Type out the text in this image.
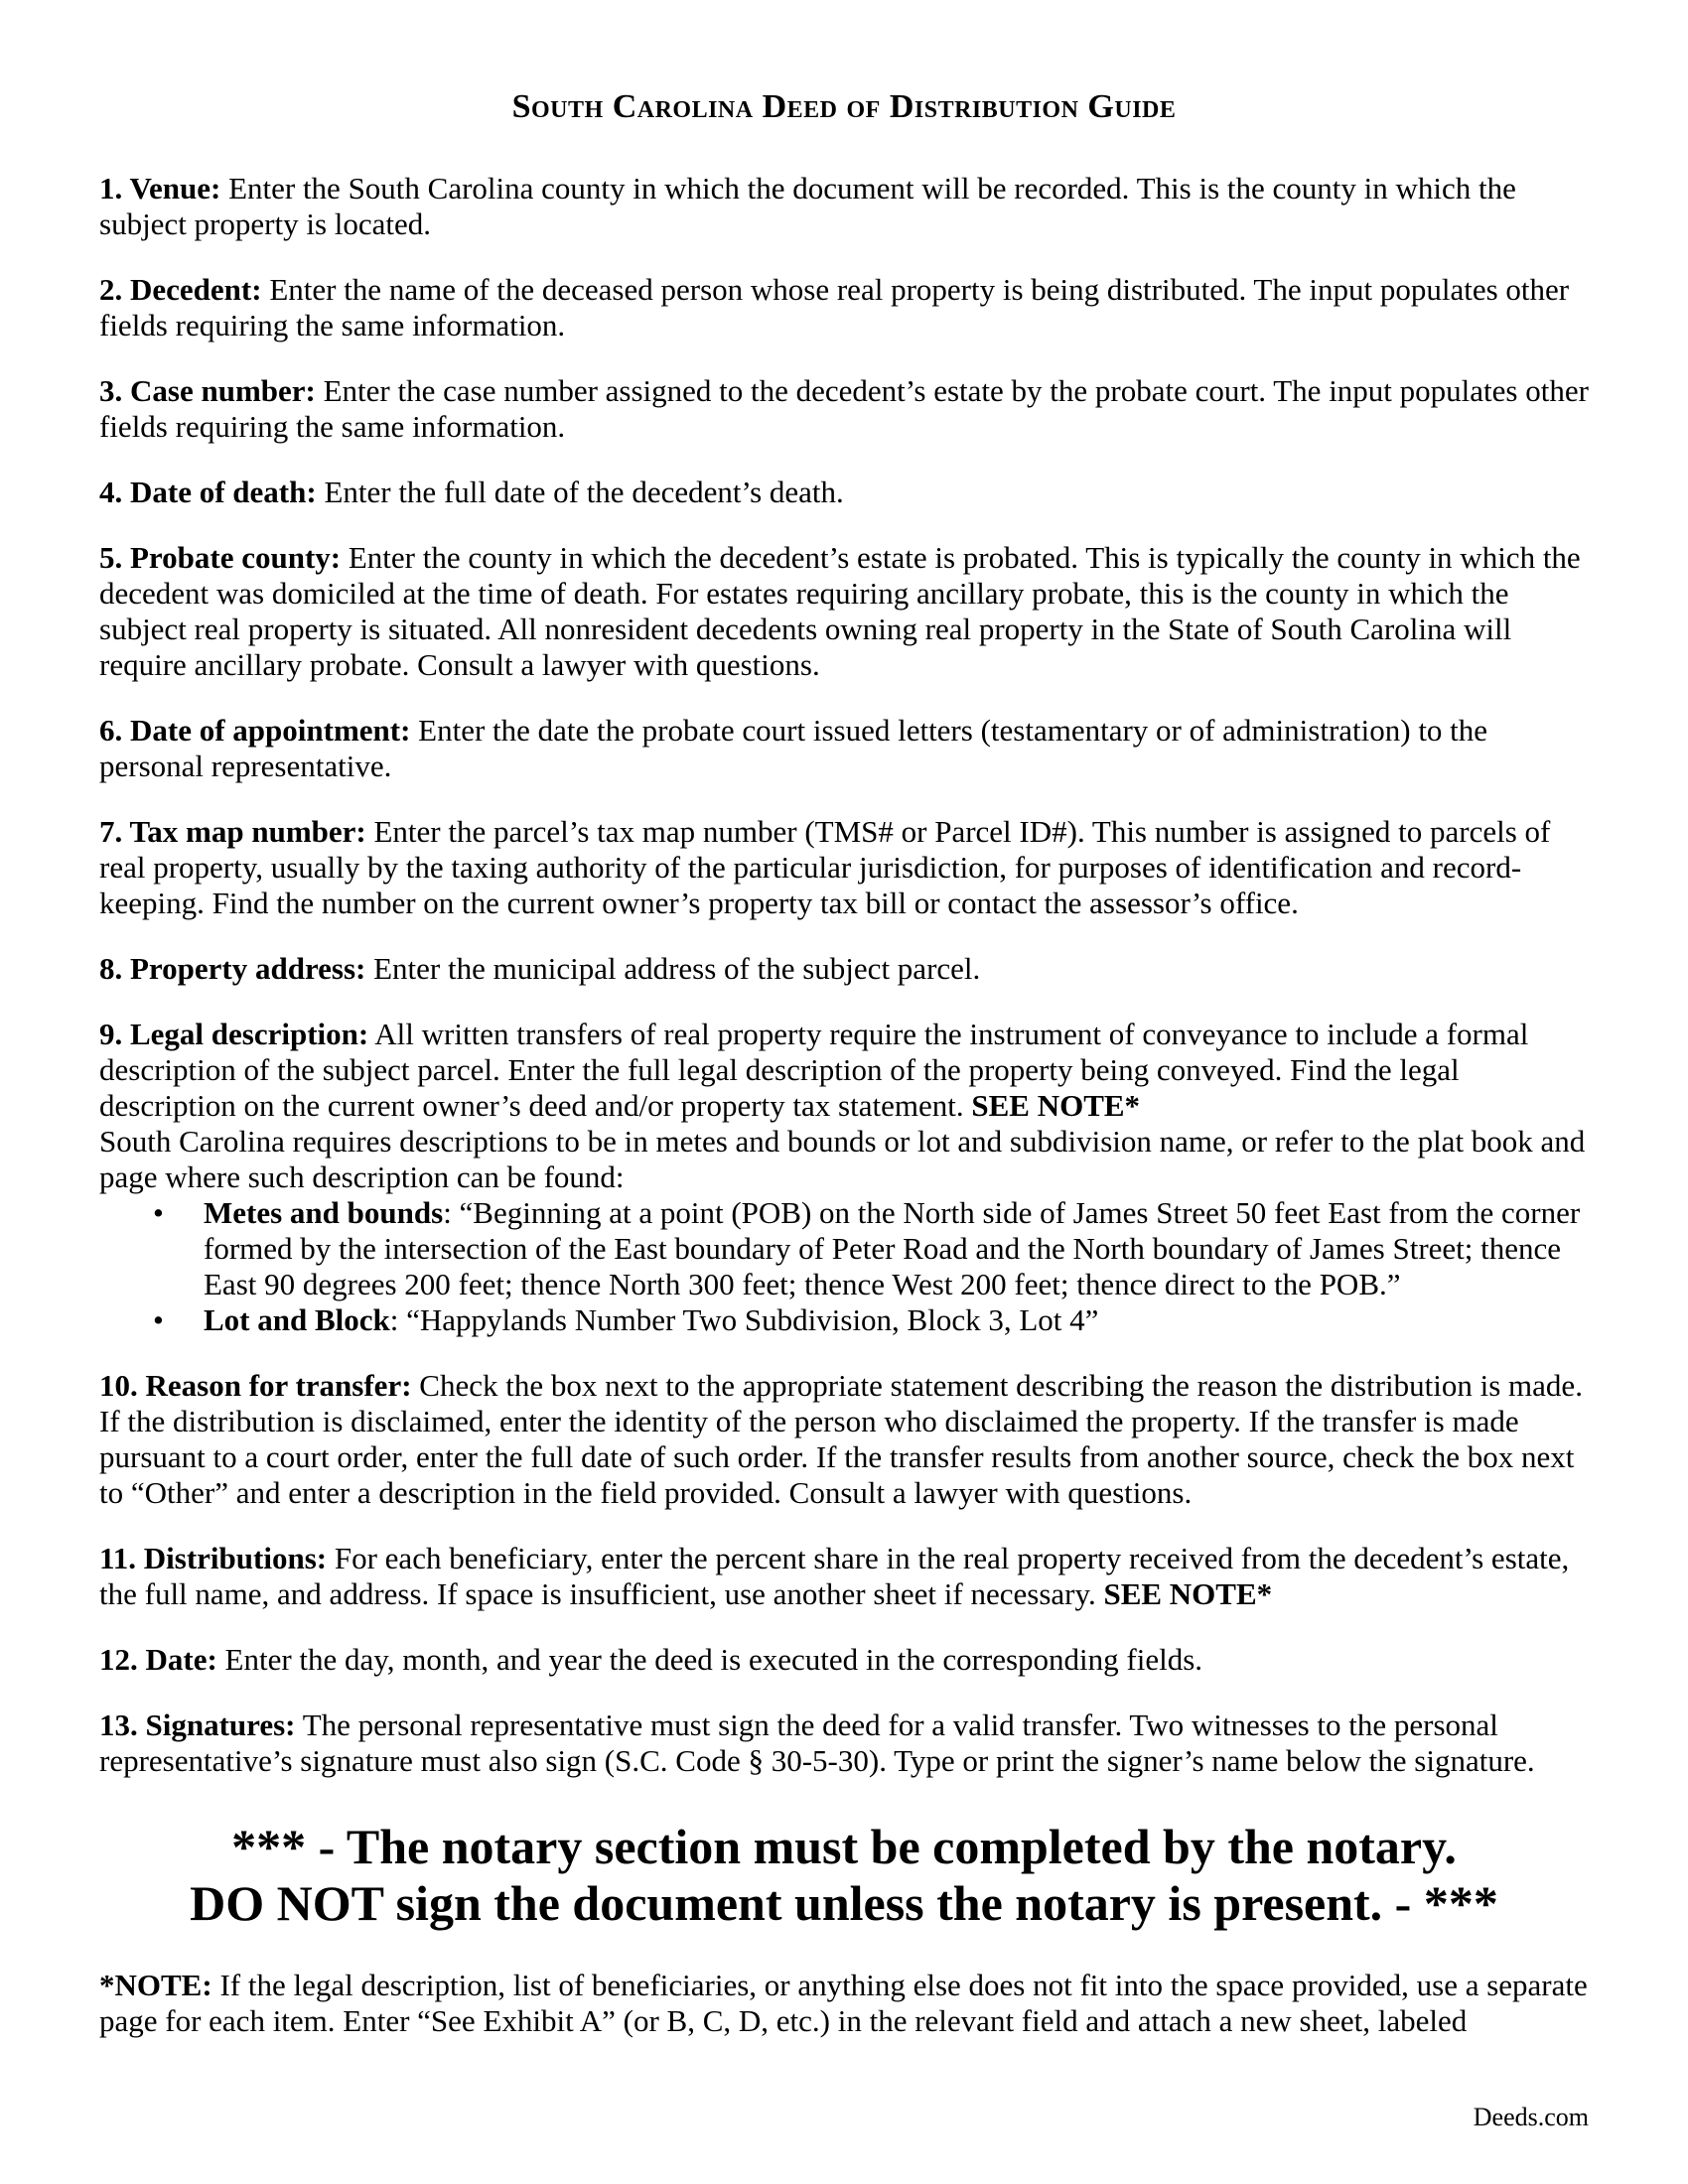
South Carolina Deed of Distribution Guide

1. Venue: Enter the South Carolina county in which the document will be recorded. This is the county in which the subject property is located.

2. Decedent: Enter the name of the deceased person whose real property is being distributed. The input populates other fields requiring the same information.

3. Case number: Enter the case number assigned to the decedent’s estate by the probate court. The input populates other fields requiring the same information.

4. Date of death: Enter the full date of the decedent’s death.

5. Probate county: Enter the county in which the decedent’s estate is probated. This is typically the county in which the decedent was domiciled at the time of death. For estates requiring ancillary probate, this is the county in which the subject real property is situated. All nonresident decedents owning real property in the State of South Carolina will require ancillary probate. Consult a lawyer with questions.

6. Date of appointment: Enter the date the probate court issued letters (testamentary or of administration) to the personal representative.

7. Tax map number: Enter the parcel’s tax map number (TMS# or Parcel ID#). This number is assigned to parcels of real property, usually by the taxing authority of the particular jurisdiction, for purposes of identification and record-keeping. Find the number on the current owner’s property tax bill or contact the assessor’s office.

8. Property address: Enter the municipal address of the subject parcel.

9. Legal description: All written transfers of real property require the instrument of conveyance to include a formal description of the subject parcel. Enter the full legal description of the property being conveyed. Find the legal description on the current owner’s deed and/or property tax statement. SEE NOTE*

South Carolina requires descriptions to be in metes and bounds or lot and subdivision name, or refer to the plat book and page where such description can be found:

• Metes and bounds: “Beginning at a point (POB) on the North side of James Street 50 feet East from the corner formed by the intersection of the East boundary of Peter Road and the North boundary of James Street; thence East 90 degrees 200 feet; thence North 300 feet; thence West 200 feet; thence direct to the POB.”
• Lot and Block: “Happylands Number Two Subdivision, Block 3, Lot 4”

10. Reason for transfer: Check the box next to the appropriate statement describing the reason the distribution is made. If the distribution is disclaimed, enter the identity of the person who disclaimed the property. If the transfer is made pursuant to a court order, enter the full date of such order. If the transfer results from another source, check the box next to “Other” and enter a description in the field provided. Consult a lawyer with questions.

11. Distributions: For each beneficiary, enter the percent share in the real property received from the decedent’s estate, the full name, and address. If space is insufficient, use another sheet if necessary. SEE NOTE*

12. Date: Enter the day, month, and year the deed is executed in the corresponding fields.

13. Signatures: The personal representative must sign the deed for a valid transfer. Two witnesses to the personal representative’s signature must also sign (S.C. Code § 30-5-30). Type or print the signer’s name below the signature.

*** - The notary section must be completed by the notary.
DO NOT sign the document unless the notary is present. - ***

*NOTE: If the legal description, list of beneficiaries, or anything else does not fit into the space provided, use a separate page for each item. Enter “See Exhibit A” (or B, C, D, etc.) in the relevant field and attach a new sheet, labeled

Deeds.com
